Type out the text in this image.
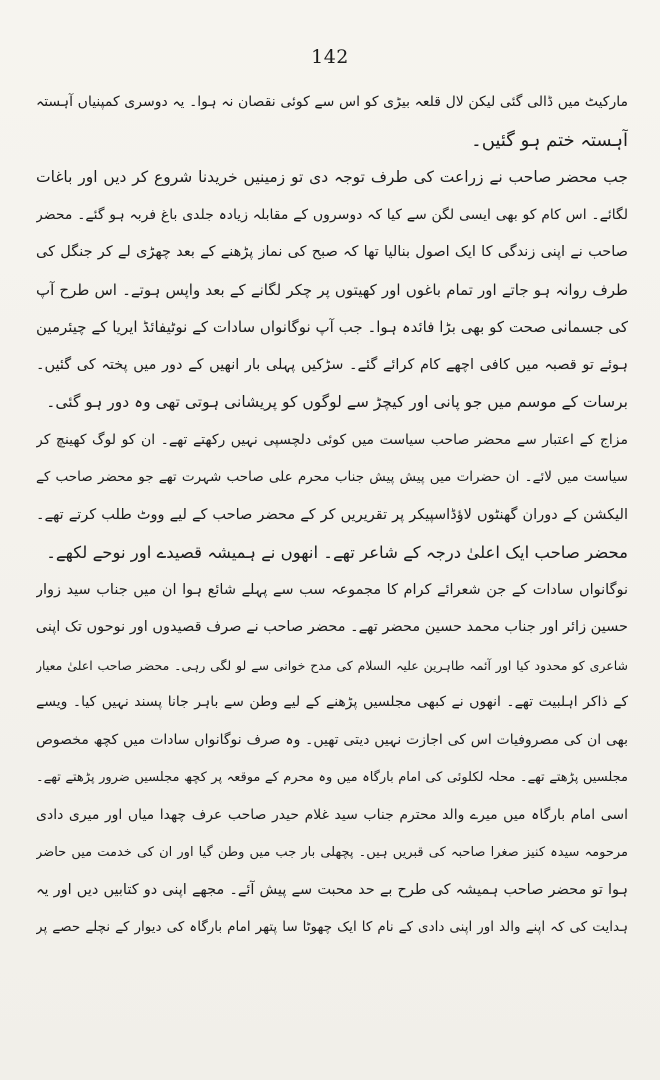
142
مارکیٹ میں ڈالی گئی لیکن لال قلعہ بیڑی کو اس سے کوئی نقصان نہ ہوا۔ یہ دوسری کمپنیاں آہستہ
آہستہ ختم ہو گئیں۔
جب محضر صاحب نے زراعت کی طرف توجہ دی تو زمینیں خریدنا شروع کر دیں اور باغات
لگائے۔ اس کام کو بھی ایسی لگن سے کیا کہ دوسروں کے مقابلہ زیادہ جلدی باغ فربہ ہو گئے۔ محضر
صاحب نے اپنی زندگی کا ایک اصول بنالیا تھا کہ صبح کی نماز پڑھنے کے بعد چھڑی لے کر جنگل کی
طرف روانہ ہو جاتے اور تمام باغوں اور کھیتوں پر چکر لگانے کے بعد واپس ہوتے۔ اس طرح آپ
کی جسمانی صحت کو بھی بڑا فائدہ ہوا۔ جب آپ نوگانواں سادات کے نوٹیفائڈ ایریا کے چیئرمین
ہوئے تو قصبہ میں کافی اچھے کام کرائے گئے۔ سڑکیں پہلی بار انھیں کے دور میں پختہ کی گئیں۔
برسات کے موسم میں جو پانی اور کیچڑ سے لوگوں کو پریشانی ہوتی تھی وہ دور ہو گئی۔
مزاج کے اعتبار سے محضر صاحب سیاست میں کوئی دلچسپی نہیں رکھتے تھے۔ ان کو لوگ کھینچ کر
سیاست میں لائے۔ ان حضرات میں پیش پیش جناب محرم علی صاحب شہرت تھے جو محضر صاحب کے
الیکشن کے دوران گھنٹوں لاؤڈاسپیکر پر تقریریں کر کے محضر صاحب کے لیے ووٹ طلب کرتے تھے۔
محضر صاحب ایک اعلیٰ درجہ کے شاعر تھے۔ انھوں نے ہمیشہ قصیدے اور نوحے لکھے۔
نوگانواں سادات کے جن شعرائے کرام کا مجموعہ سب سے پہلے شائع ہوا ان میں جناب سید زوار
حسین زائر اور جناب محمد حسین محضر تھے۔ محضر صاحب نے صرف قصیدوں اور نوحوں تک اپنی
شاعری کو محدود کیا اور آئمہ طاہرین علیہ السلام کی مدح خوانی سے لو لگی رہی۔ محضر صاحب اعلیٰ معیار
کے ذاکر اہلبیت تھے۔ انھوں نے کبھی مجلسیں پڑھنے کے لیے وطن سے باہر جانا پسند نہیں کیا۔ ویسے
بھی ان کی مصروفیات اس کی اجازت نہیں دیتی تھیں۔ وہ صرف نوگانواں سادات میں کچھ مخصوص
مجلسیں پڑھتے تھے۔ محلہ لکلوئی کی امام بارگاہ میں وہ محرم کے موقعہ پر کچھ مجلسیں ضرور پڑھتے تھے۔
اسی امام بارگاہ میں میرے والد محترم جناب سید غلام حیدر صاحب عرف چھدا میاں اور میری دادی
مرحومہ سیدہ کنیز صغرا صاحبہ کی قبریں ہیں۔ پچھلی بار جب میں وطن گیا اور ان کی خدمت میں حاضر
ہوا تو محضر صاحب ہمیشہ کی طرح بے حد محبت سے پیش آئے۔ مجھے اپنی دو کتابیں دیں اور یہ
ہدایت کی کہ اپنے والد اور اپنی دادی کے نام کا ایک چھوٹا سا پتھر امام بارگاہ کی دیوار کے نچلے حصے پر
